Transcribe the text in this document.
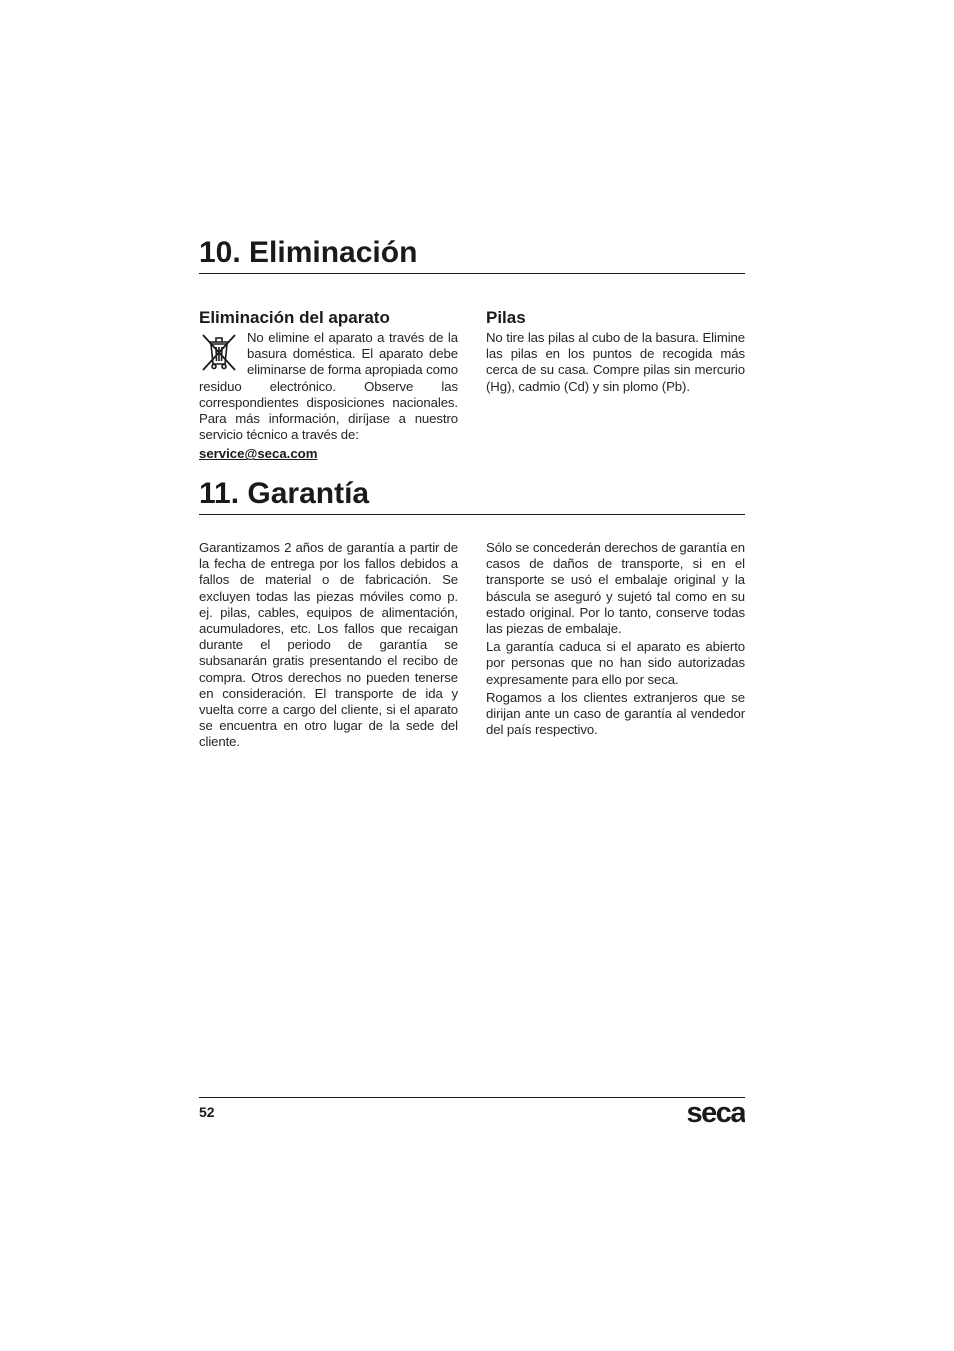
10. Eliminación
Eliminación del aparato

No elimine el aparato a través de la basura doméstica. El aparato debe eliminarse de forma apropiada como residuo electrónico. Observe las correspondientes disposiciones nacionales. Para más información, diríjase a nuestro servicio técnico a través de:

service@seca.com
Pilas

No tire las pilas al cubo de la basura. Elimine las pilas en los puntos de recogida más cerca de su casa. Compre pilas sin mercurio (Hg), cadmio (Cd) y sin plomo (Pb).

11. Garantía

Garantizamos 2 años de garantía a partir de la fecha de entrega por los fallos debidos a fallos de material o de fabricación. Se excluyen todas las piezas móviles como p. ej. pilas, cables, equipos de alimentación, acumuladores, etc. Los fallos que recaigan durante el periodo de garantía se subsanarán gratis presentando el recibo de compra. Otros derechos no pueden tenerse en consideración. El transporte de ida y vuelta corre a cargo del cliente, si el aparato se encuentra en otro lugar de la sede del cliente.

Sólo se concederán derechos de garantía en casos de daños de transporte, si en el transporte se usó el embalaje original y la báscula se aseguró y sujetó tal como en su estado original. Por lo tanto, conserve todas las piezas de embalaje.

La garantía caduca si el aparato es abierto por personas que no han sido autorizadas expresamente para ello por seca.

Rogamos a los clientes extranjeros que se dirijan ante un caso de garantía al vendedor del país respectivo.

52	seca
